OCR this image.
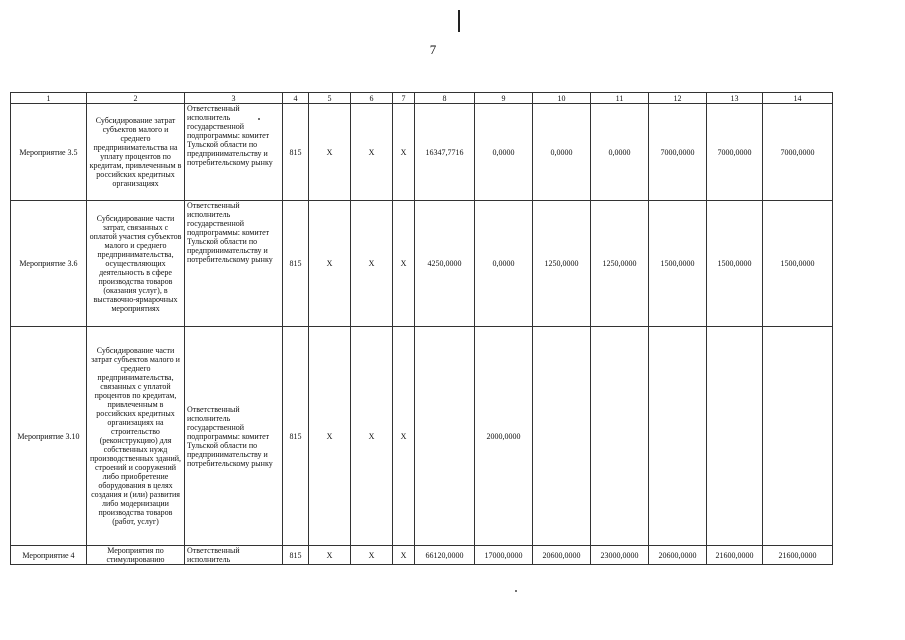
7
1	2	3	4	5	6	7	8	9	10	11	12	13	14
Мероприятие 3.5	Субсидирование затрат субъектов малого и среднего предпринимательства на уплату процентов по кредитам, привлеченным в российских кредитных организациях	Ответственный исполнитель государственной подпрограммы: комитет Тульской области по предпринимательству и потребительскому рынку	815	X	X	X	16347,7716	0,0000	0,0000	0,0000	7000,0000	7000,0000	7000,0000
Мероприятие 3.6	Субсидирование части затрат, связанных с оплатой участия субъектов малого и среднего предпринимательства, осуществляющих деятельность в сфере производства товаров (оказания услуг), в выставочно-ярмарочных мероприятиях	Ответственный исполнитель государственной подпрограммы: комитет Тульской области по предпринимательству и потребительскому рынку	815	X	X	X	4250,0000	0,0000	1250,0000	1250,0000	1500,0000	1500,0000	1500,0000
Мероприятие 3.10	Субсидирование части затрат субъектов малого и среднего предпринимательства, связанных с уплатой процентов по кредитам, привлеченным в российских кредитных организациях на строительство (реконструкцию) для собственных нужд производственных зданий, строений и сооружений либо приобретение оборудования в целях создания и (или) развития либо модернизации производства товаров (работ, услуг)	Ответственный исполнитель государственной подпрограммы: комитет Тульской области по предпринимательству и потребительскому рынку	815	X	X	X		2000,0000					
Мероприятие 4	Мероприятия по стимулированию	Ответственный исполнитель	815	X	X	X	66120,0000	17000,0000	20600,0000	23000,0000	20600,0000	21600,0000	21600,0000
